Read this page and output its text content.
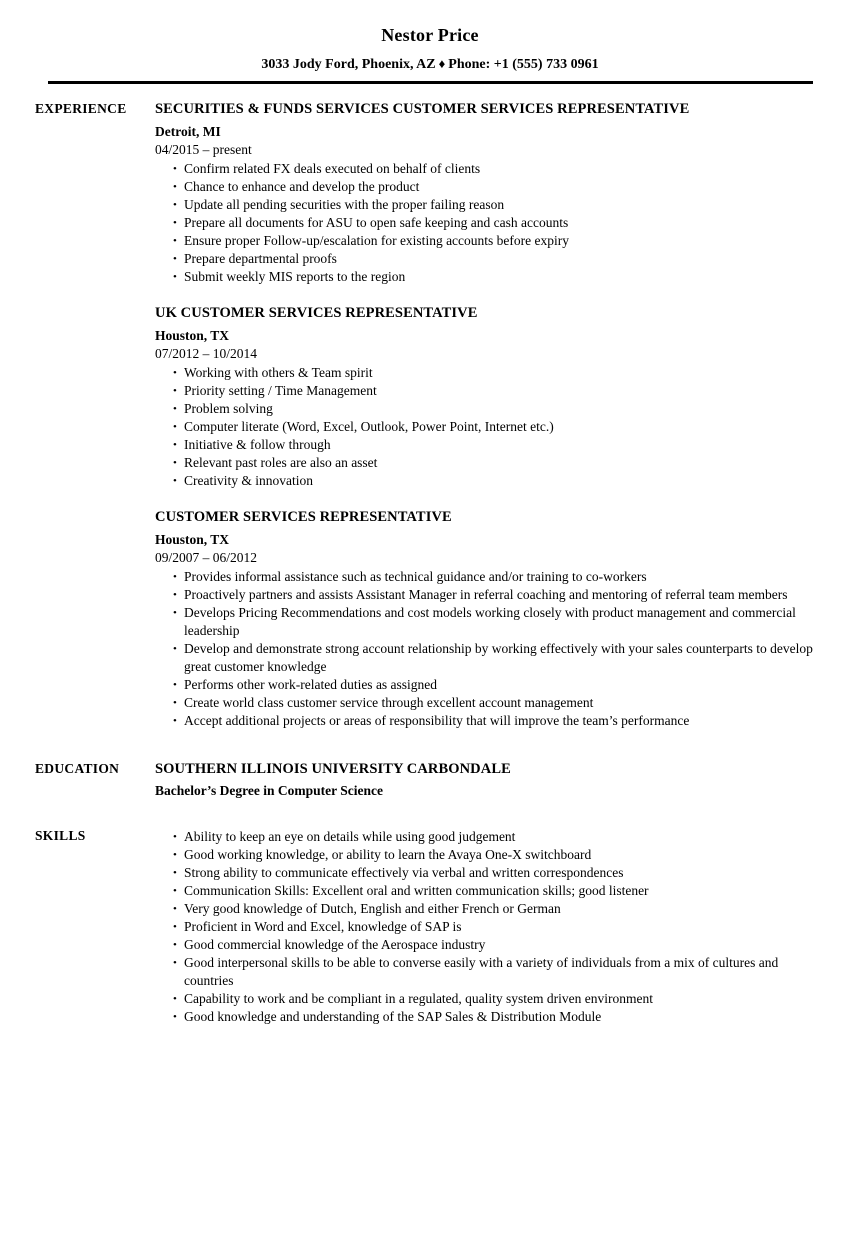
Nestor Price
3033 Jody Ford, Phoenix, AZ ♦ Phone: +1 (555) 733 0961
EXPERIENCE	SECURITIES & FUNDS SERVICES CUSTOMER SERVICES REPRESENTATIVE
Detroit, MI
04/2015 – present
• Confirm related FX deals executed on behalf of clients
• Chance to enhance and develop the product
• Update all pending securities with the proper failing reason
• Prepare all documents for ASU to open safe keeping and cash accounts
• Ensure proper Follow-up/escalation for existing accounts before expiry
• Prepare departmental proofs
• Submit weekly MIS reports to the region
UK CUSTOMER SERVICES REPRESENTATIVE
Houston, TX
07/2012 – 10/2014
• Working with others & Team spirit
• Priority setting / Time Management
• Problem solving
• Computer literate (Word, Excel, Outlook, Power Point, Internet etc.)
• Initiative & follow through
• Relevant past roles are also an asset
• Creativity & innovation
CUSTOMER SERVICES REPRESENTATIVE
Houston, TX
09/2007 – 06/2012
• Provides informal assistance such as technical guidance and/or training to co-workers
• Proactively partners and assists Assistant Manager in referral coaching and mentoring of referral team members
• Develops Pricing Recommendations and cost models working closely with product management and commercial leadership
• Develop and demonstrate strong account relationship by working effectively with your sales counterparts to develop great customer knowledge
• Performs other work-related duties as assigned
• Create world class customer service through excellent account management
• Accept additional projects or areas of responsibility that will improve the team’s performance
EDUCATION	SOUTHERN ILLINOIS UNIVERSITY CARBONDALE
Bachelor’s Degree in Computer Science
SKILLS	• Ability to keep an eye on details while using good judgement
• Good working knowledge, or ability to learn the Avaya One-X switchboard
• Strong ability to communicate effectively via verbal and written correspondences
• Communication Skills: Excellent oral and written communication skills; good listener
• Very good knowledge of Dutch, English and either French or German
• Proficient in Word and Excel, knowledge of SAP is
• Good commercial knowledge of the Aerospace industry
• Good interpersonal skills to be able to converse easily with a variety of individuals from a mix of cultures and countries
• Capability to work and be compliant in a regulated, quality system driven environment
• Good knowledge and understanding of the SAP Sales & Distribution Module
